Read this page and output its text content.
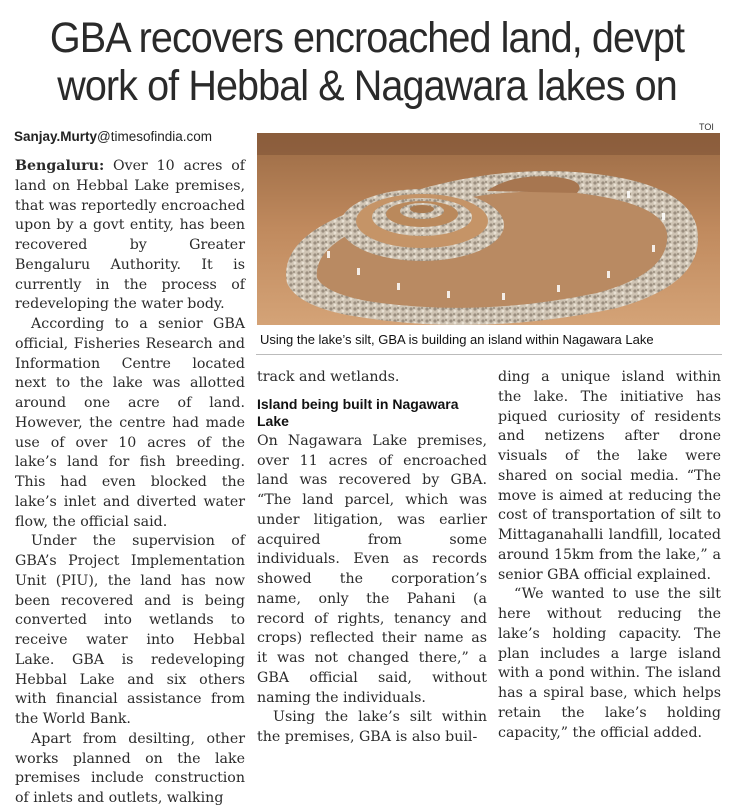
GBA recovers encroached land, devpt
work of Hebbal & Nagawara lakes on
Sanjay.Murty@timesofindia.com
TOI
Using the lake’s silt, GBA is building an island within Nagawara Lake

Bengaluru: Over 10 acres of land on Hebbal Lake premises, that was reportedly encroached upon by a govt entity, has been recovered by Greater Bengaluru Authority. It is currently in the process of redeveloping the water body.

According to a senior GBA official, Fisheries Research and Information Centre located next to the lake was allotted around one acre of land. However, the centre had made use of over 10 acres of the lake’s land for fish breeding. This had even blocked the lake’s inlet and diverted water flow, the official said.

Under the supervision of GBA’s Project Implementation Unit (PIU), the land has now been recovered and is being converted into wetlands to receive water into Hebbal Lake. GBA is redeveloping Hebbal Lake and six others with financial assistance from the World Bank.

Apart from desilting, other works planned on the lake premises include construction of inlets and outlets, walking

track and wetlands.

Island being built in Nagawara Lake

On Nagawara Lake premises, over 11 acres of encroached land was recovered by GBA. “The land parcel, which was under litigation, was earlier acquired from some individuals. Even as records showed the corporation’s name, only the Pahani (a record of rights, tenancy and crops) reflected their name as it was not changed there,” a GBA official said, without naming the individuals.

Using the lake’s silt within the premises, GBA is also buil-

ding a unique island within the lake. The initiative has piqued curiosity of residents and netizens after drone visuals of the lake were shared on social media. “The move is aimed at reducing the cost of transportation of silt to Mittaganahalli landfill, located around 15km from the lake,” a senior GBA official explained.

“We wanted to use the silt here without reducing the lake’s holding capacity. The plan includes a large island with a pond within. The island has a spiral base, which helps retain the lake’s holding capacity,” the official added.
